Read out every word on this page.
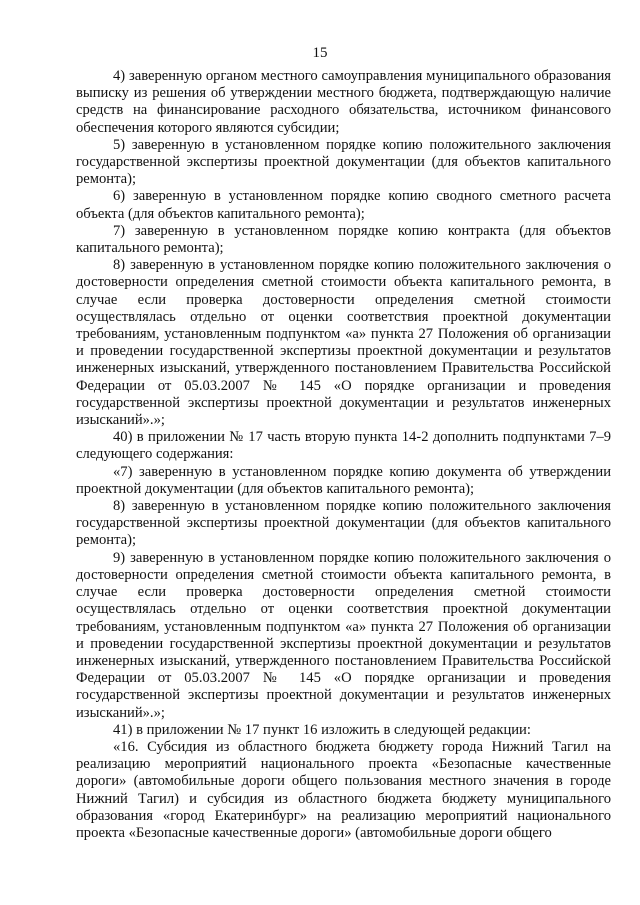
15

4) заверенную органом местного самоуправления муниципального образования выписку из решения об утверждении местного бюджета, подтверждающую наличие средств на финансирование расходного обязательства, источником финансового обеспечения которого являются субсидии;

5) заверенную в установленном порядке копию положительного заключения государственной экспертизы проектной документации (для объектов капитального ремонта);

6) заверенную в установленном порядке копию сводного сметного расчета объекта (для объектов капитального ремонта);

7) заверенную в установленном порядке копию контракта (для объектов капитального ремонта);

8) заверенную в установленном порядке копию положительного заключения о достоверности определения сметной стоимости объекта капитального ремонта, в случае если проверка достоверности определения сметной стоимости осуществлялась отдельно от оценки соответствия проектной документации требованиям, установленным подпунктом «а» пункта 27 Положения об организации и проведении государственной экспертизы проектной документации и результатов инженерных изысканий, утвержденного постановлением Правительства Российской Федерации от 05.03.2007 № 145 «О порядке организации и проведения государственной экспертизы проектной документации и результатов инженерных изысканий».»;

40) в приложении № 17 часть вторую пункта 14-2 дополнить подпунктами 7–9 следующего содержания:

«7) заверенную в установленном порядке копию документа об утверждении проектной документации (для объектов капитального ремонта);

8) заверенную в установленном порядке копию положительного заключения государственной экспертизы проектной документации (для объектов капитального ремонта);

9) заверенную в установленном порядке копию положительного заключения о достоверности определения сметной стоимости объекта капитального ремонта, в случае если проверка достоверности определения сметной стоимости осуществлялась отдельно от оценки соответствия проектной документации требованиям, установленным подпунктом «а» пункта 27 Положения об организации и проведении государственной экспертизы проектной документации и результатов инженерных изысканий, утвержденного постановлением Правительства Российской Федерации от 05.03.2007 № 145 «О порядке организации и проведения государственной экспертизы проектной документации и результатов инженерных изысканий».»;

41) в приложении № 17 пункт 16 изложить в следующей редакции:

«16. Субсидия из областного бюджета бюджету города Нижний Тагил на реализацию мероприятий национального проекта «Безопасные качественные дороги» (автомобильные дороги общего пользования местного значения в городе Нижний Тагил) и субсидия из областного бюджета бюджету муниципального образования «город Екатеринбург» на реализацию мероприятий национального проекта «Безопасные качественные дороги» (автомобильные дороги общего
